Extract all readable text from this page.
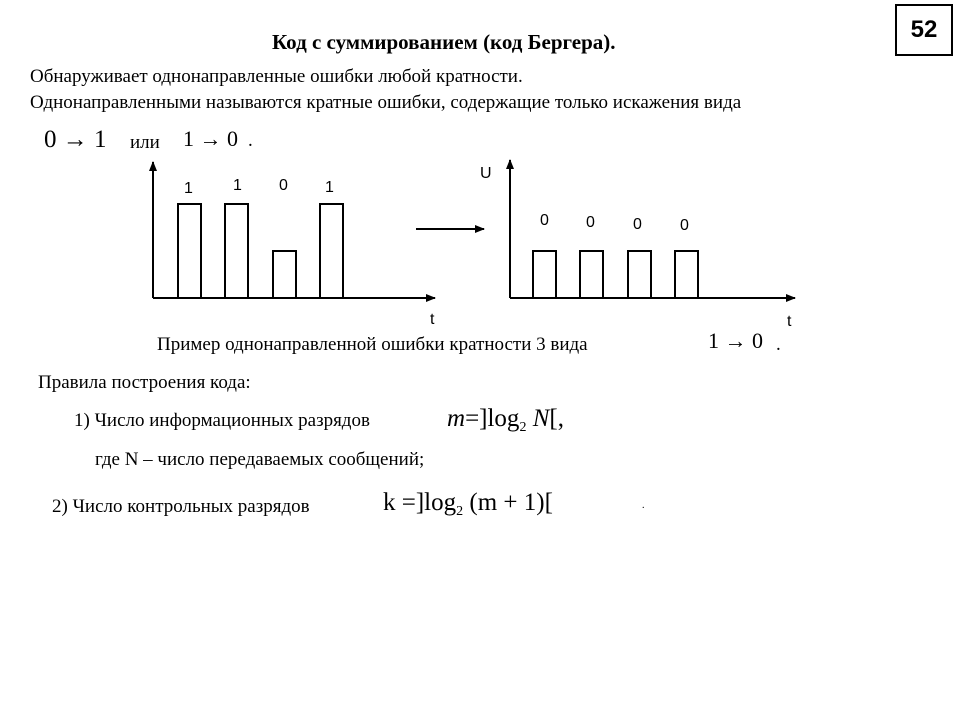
52
Код с суммированием (код Бергера).
Обнаруживает однонаправленные ошибки любой кратности.
Однонаправленными называются кратные ошибки, содержащие только искажения вида
0 → 1 или 1 → 0 .
1	1 0 1
t
0 0 0 0
U
t
Пример однонаправленной ошибки кратности 3 вида	1 → 0 .
Правила построения кода:
1) Число информационных разрядов	$m=]\log_2$ N[,
где N – число передаваемых сообщений;
2) Число контрольных разрядов	$k =]\log_2$ (m + 1)[	.
